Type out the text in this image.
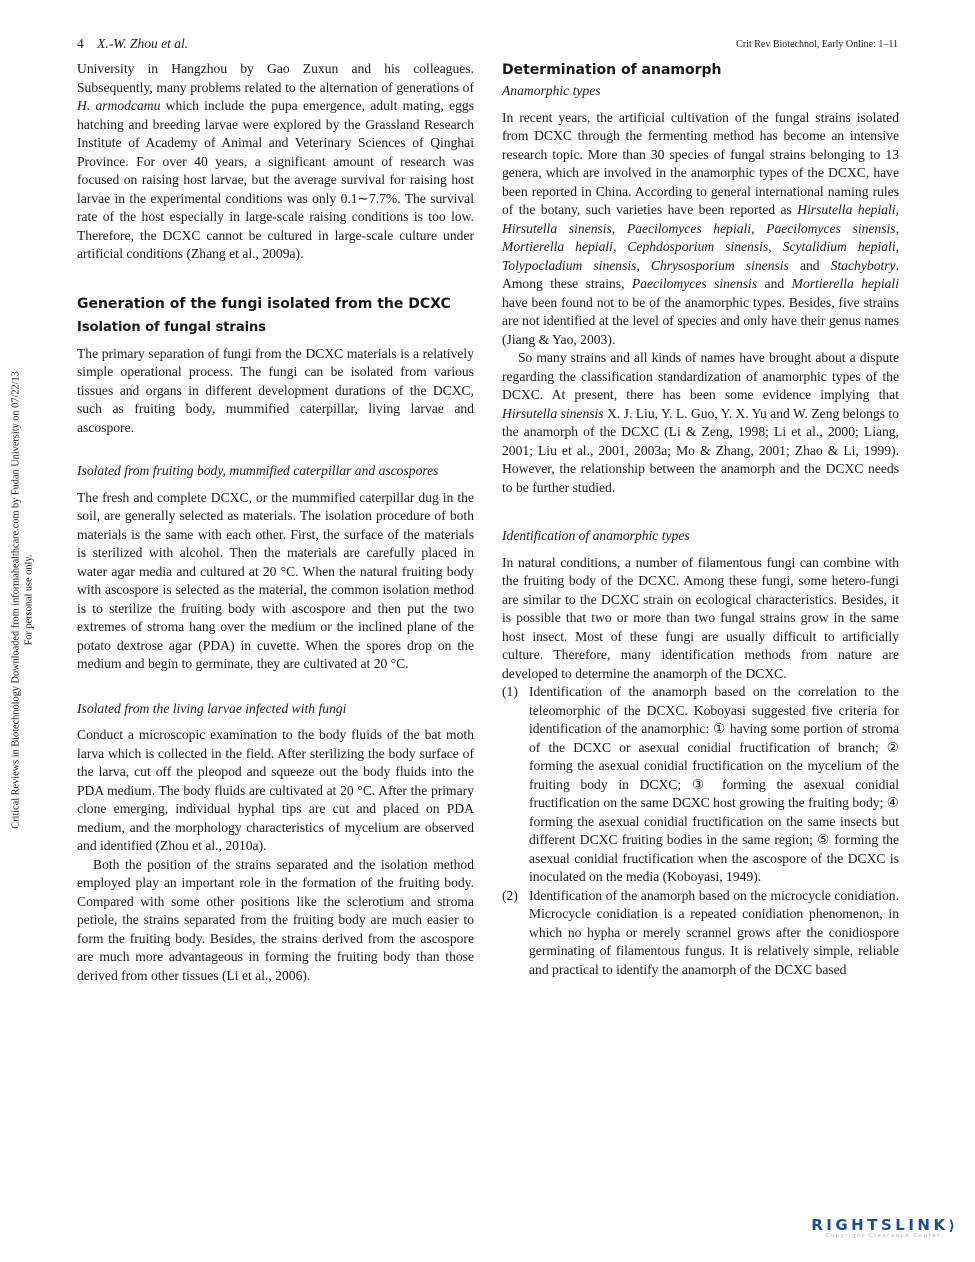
4 X.-W. Zhou et al.	Crit Rev Biotechnol, Early Online: 1–11
Critical Reviews in Biotechnology Downloaded from informahealthcare.com by Fudan University on 07/22/13 For personal use only.

University in Hangzhou by Gao Zuxun and his colleagues. Subsequently, many problems related to the alternation of generations of H. armodcamu which include the pupa emergence, adult mating, eggs hatching and breeding larvae were explored by the Grassland Research Institute of Academy of Animal and Veterinary Sciences of Qinghai Province. For over 40 years, a significant amount of research was focused on raising host larvae, but the average survival for raising host larvae in the experimental conditions was only 0.1∼7.7%. The survival rate of the host especially in large-scale raising conditions is too low. Therefore, the DCXC cannot be cultured in large-scale culture under artificial conditions (Zhang et al., 2009a).

Generation of the fungi isolated from the DCXC
Isolation of fungal strains

The primary separation of fungi from the DCXC materials is a relatively simple operational process. The fungi can be isolated from various tissues and organs in different development durations of the DCXC, such as fruiting body, mummified caterpillar, living larvae and ascospore.

Isolated from fruiting body, mummified caterpillar and ascospores

The fresh and complete DCXC, or the mummified caterpillar dug in the soil, are generally selected as materials. The isolation procedure of both materials is the same with each other. First, the surface of the materials is sterilized with alcohol. Then the materials are carefully placed in water agar media and cultured at 20 °C. When the natural fruiting body with ascospore is selected as the material, the common isolation method is to sterilize the fruiting body with ascospore and then put the two extremes of stroma hang over the medium or the inclined plane of the potato dextrose agar (PDA) in cuvette. When the spores drop on the medium and begin to germinate, they are cultivated at 20 °C.

Isolated from the living larvae infected with fungi

Conduct a microscopic examination to the body fluids of the bat moth larva which is collected in the field. After sterilizing the body surface of the larva, cut off the pleopod and squeeze out the body fluids into the PDA medium. The body fluids are cultivated at 20 °C. After the primary clone emerging, individual hyphal tips are cut and placed on PDA medium, and the morphology characteristics of mycelium are observed and identified (Zhou et al., 2010a).

Both the position of the strains separated and the isolation method employed play an important role in the formation of the fruiting body. Compared with some other positions like the sclerotium and stroma petiole, the strains separated from the fruiting body are much easier to form the fruiting body. Besides, the strains derived from the ascospore are much more advantageous in forming the fruiting body than those derived from other tissues (Li et al., 2006).

Determination of anamorph
Anamorphic types

In recent years, the artificial cultivation of the fungal strains isolated from DCXC through the fermenting method has become an intensive research topic. More than 30 species of fungal strains belonging to 13 genera, which are involved in the anamorphic types of the DCXC, have been reported in China. According to general international naming rules of the botany, such varieties have been reported as Hirsutella hepiali, Hirsutella sinensis, Paecilomyces hepiali, Paecilomyces sinensis, Mortierella hepiali, Cephdosporium sinensis, Scytalidium hepiali, Tolypocladium sinensis, Chrysosporium sinensis and Stachybotry. Among these strains, Paecilomyces sinensis and Mortierella hepiali have been found not to be of the anamorphic types. Besides, five strains are not identified at the level of species and only have their genus names (Jiang & Yao, 2003).

So many strains and all kinds of names have brought about a dispute regarding the classification standardization of anamorphic types of the DCXC. At present, there has been some evidence implying that Hirsutella sinensis X. J. Liu, Y. L. Guo, Y. X. Yu and W. Zeng belongs to the anamorph of the DCXC (Li & Zeng, 1998; Li et al., 2000; Liang, 2001; Liu et al., 2001, 2003a; Mo & Zhang, 2001; Zhao & Li, 1999). However, the relationship between the anamorph and the DCXC needs to be further studied.

Identification of anamorphic types

In natural conditions, a number of filamentous fungi can combine with the fruiting body of the DCXC. Among these fungi, some hetero-fungi are similar to the DCXC strain on ecological characteristics. Besides, it is possible that two or more than two fungal strains grow in the same host insect. Most of these fungi are usually difficult to artificially culture. Therefore, many identification methods from nature are developed to determine the anamorph of the DCXC.

(1) Identification of the anamorph based on the correlation to the teleomorphic of the DCXC. Koboyasi suggested five criteria for identification of the anamorphic: ① having some portion of stroma of the DCXC or asexual conidial fructification of branch; ② forming the asexual conidial fructification on the mycelium of the fruiting body in DCXC; ③ forming the asexual conidial fructification on the same DCXC host growing the fruiting body; ④ forming the asexual conidial fructification on the same insects but different DCXC fruiting bodies in the same region; ⑤ forming the asexual conidial fructification when the ascospore of the DCXC is inoculated on the media (Koboyasi, 1949).
(2) Identification of the anamorph based on the microcycle conidiation. Microcycle conidiation is a repeated conidiation phenomenon, in which no hypha or merely scrannel grows after the conidiospore germinating of filamentous fungus. It is relatively simple, reliable and practical to identify the anamorph of the DCXC based
RIGHTSLINK⟩
Copyright Clearance Center
